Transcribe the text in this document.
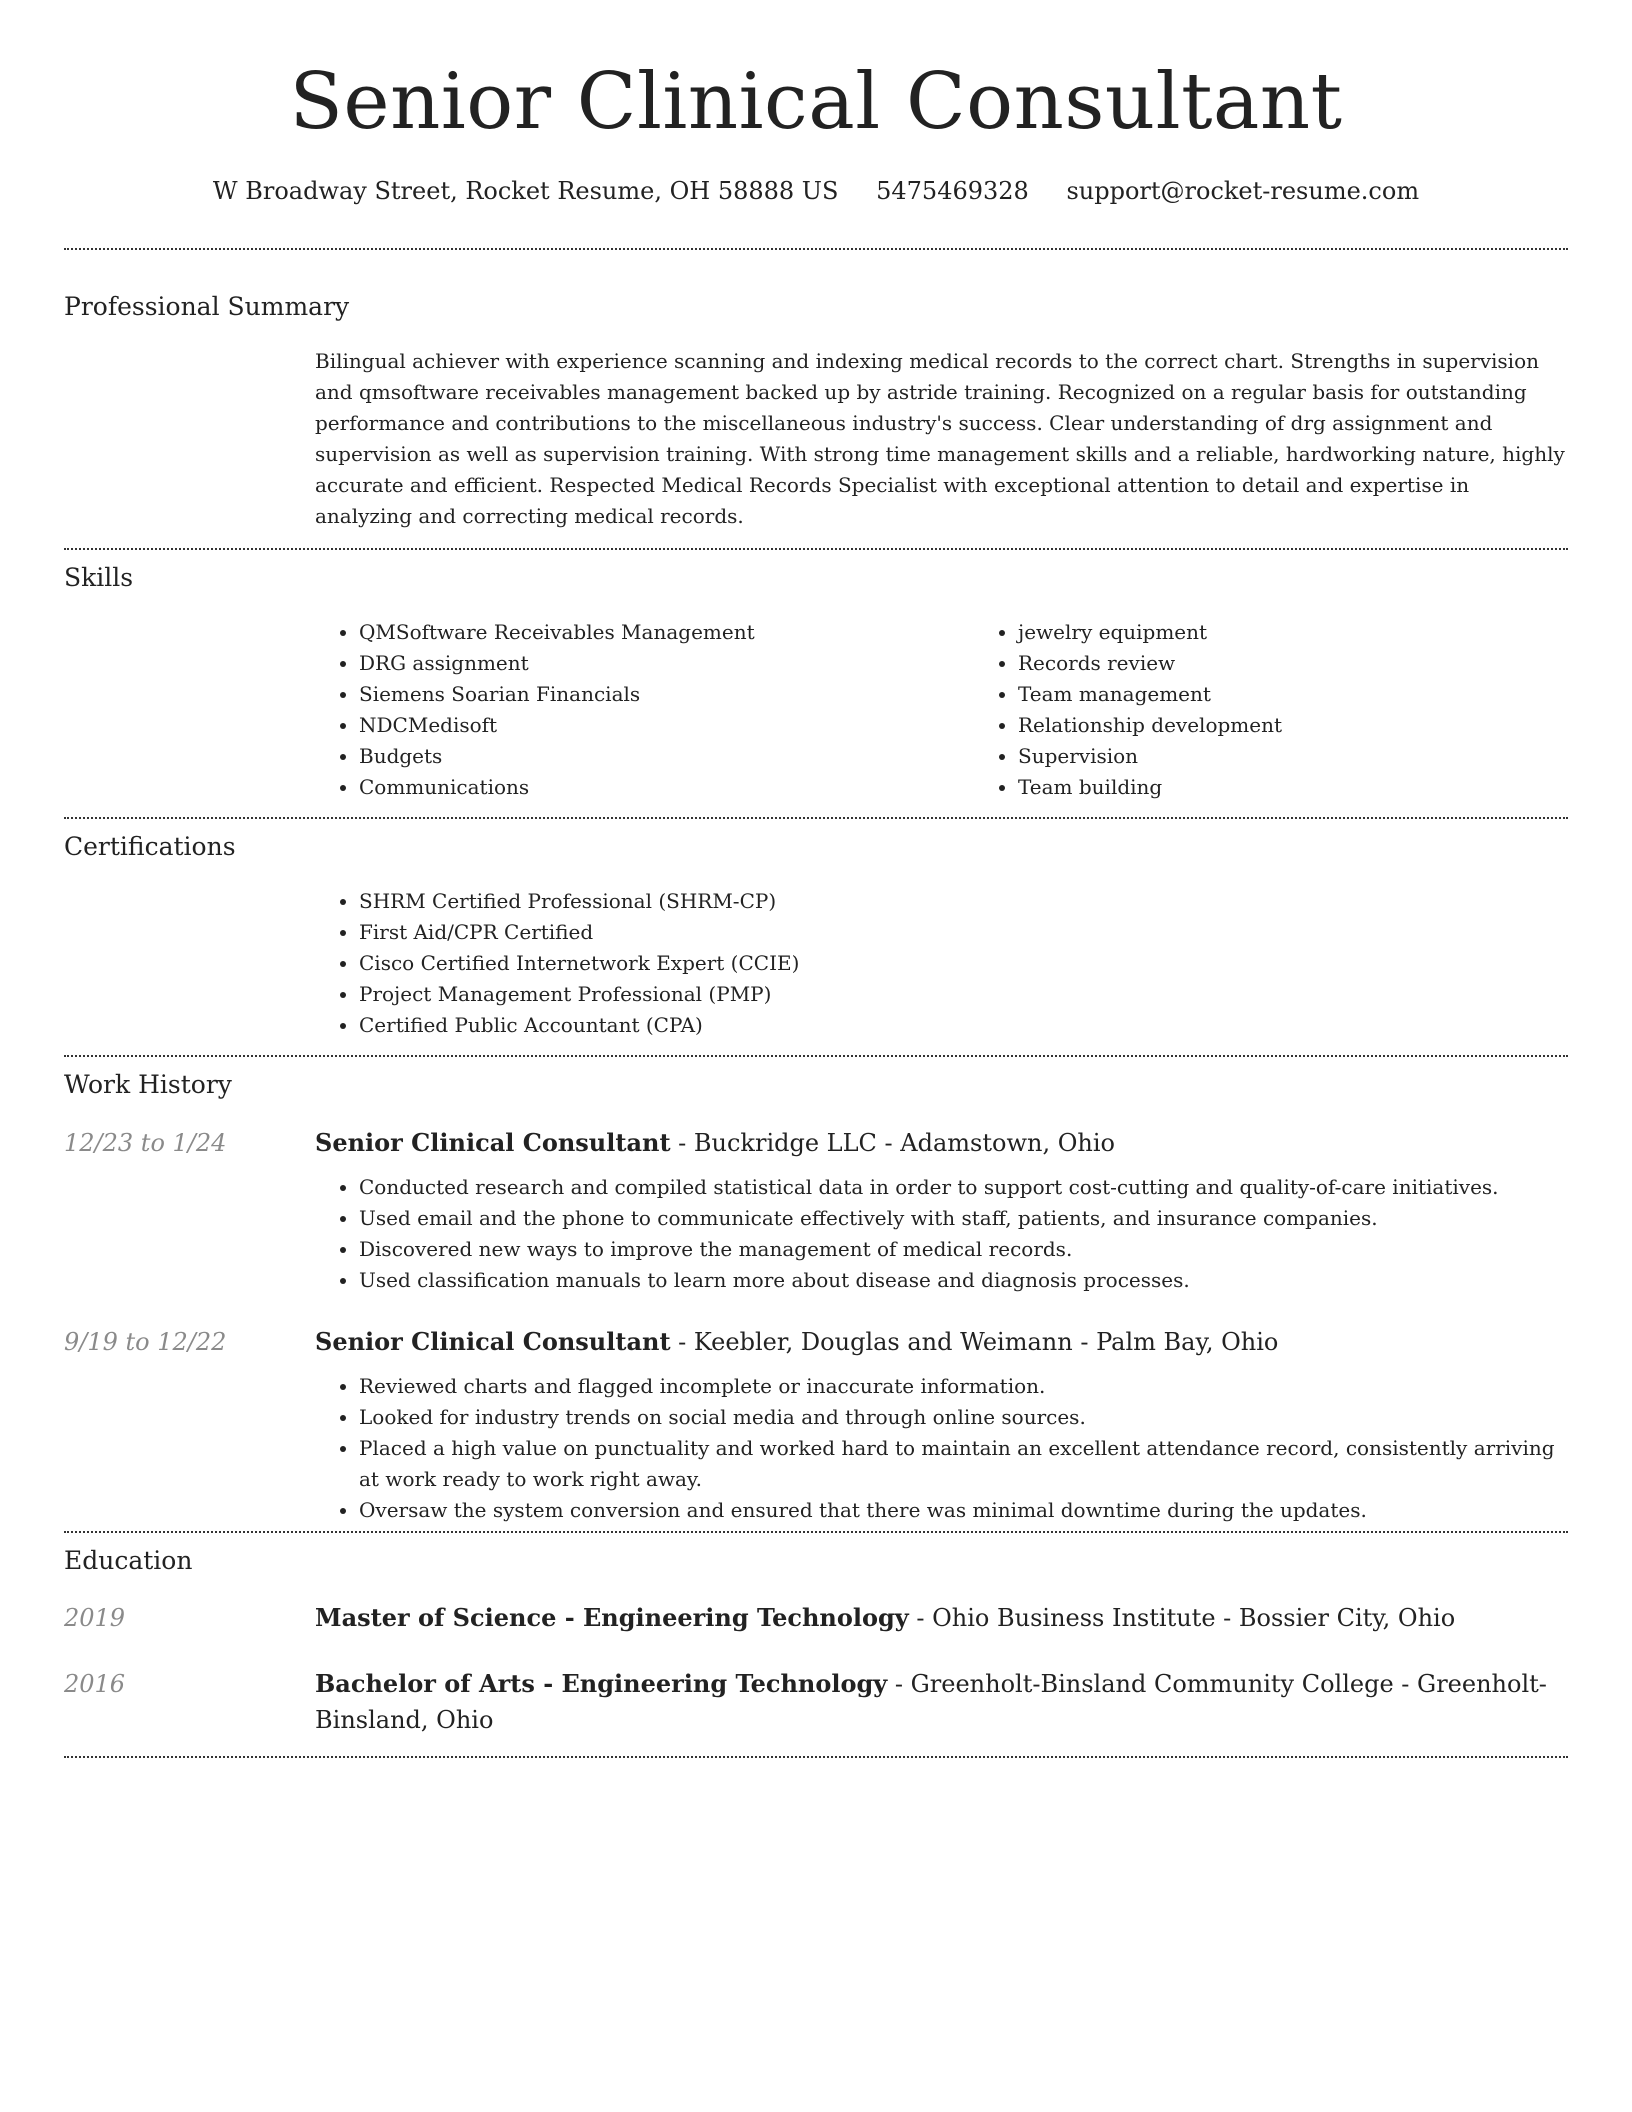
Senior Clinical Consultant
W Broadway Street, Rocket Resume, OH 58888 US 5475469328 support@rocket-resume.com
Professional Summary

Bilingual achiever with experience scanning and indexing medical records to the correct chart. Strengths in supervision and qmsoftware receivables management backed up by astride training. Recognized on a regular basis for outstanding performance and contributions to the miscellaneous industry's success. Clear understanding of drg assignment and supervision as well as supervision training. With strong time management skills and a reliable, hardworking nature, highly accurate and efficient. Respected Medical Records Specialist with exceptional attention to detail and expertise in analyzing and correcting medical records.

Skills
• QMSoftware Receivables Management
• DRG assignment
• Siemens Soarian Financials
• NDCMedisoft
• Budgets
• Communications
• jewelry equipment
• Records review
• Team management
• Relationship development
• Supervision
• Team building
Certifications
• SHRM Certified Professional (SHRM-CP)
• First Aid/CPR Certified
• Cisco Certified Internetwork Expert (CCIE)
• Project Management Professional (PMP)
• Certified Public Accountant (CPA)
Work History
12/23 to 1/24	Senior Clinical Consultant - Buckridge LLC - Adamstown, Ohio
• Conducted research and compiled statistical data in order to support cost-cutting and quality-of-care initiatives.
• Used email and the phone to communicate effectively with staff, patients, and insurance companies.
• Discovered new ways to improve the management of medical records.
• Used classification manuals to learn more about disease and diagnosis processes.
9/19 to 12/22	Senior Clinical Consultant - Keebler, Douglas and Weimann - Palm Bay, Ohio
• Reviewed charts and flagged incomplete or inaccurate information.
• Looked for industry trends on social media and through online sources.
• Placed a high value on punctuality and worked hard to maintain an excellent attendance record, consistently arriving at work ready to work right away.
• Oversaw the system conversion and ensured that there was minimal downtime during the updates.
Education
2019	Master of Science - Engineering Technology - Ohio Business Institute - Bossier City, Ohio
2016	Bachelor of Arts - Engineering Technology - Greenholt-Binsland Community College - Greenholt-Binsland, Ohio
